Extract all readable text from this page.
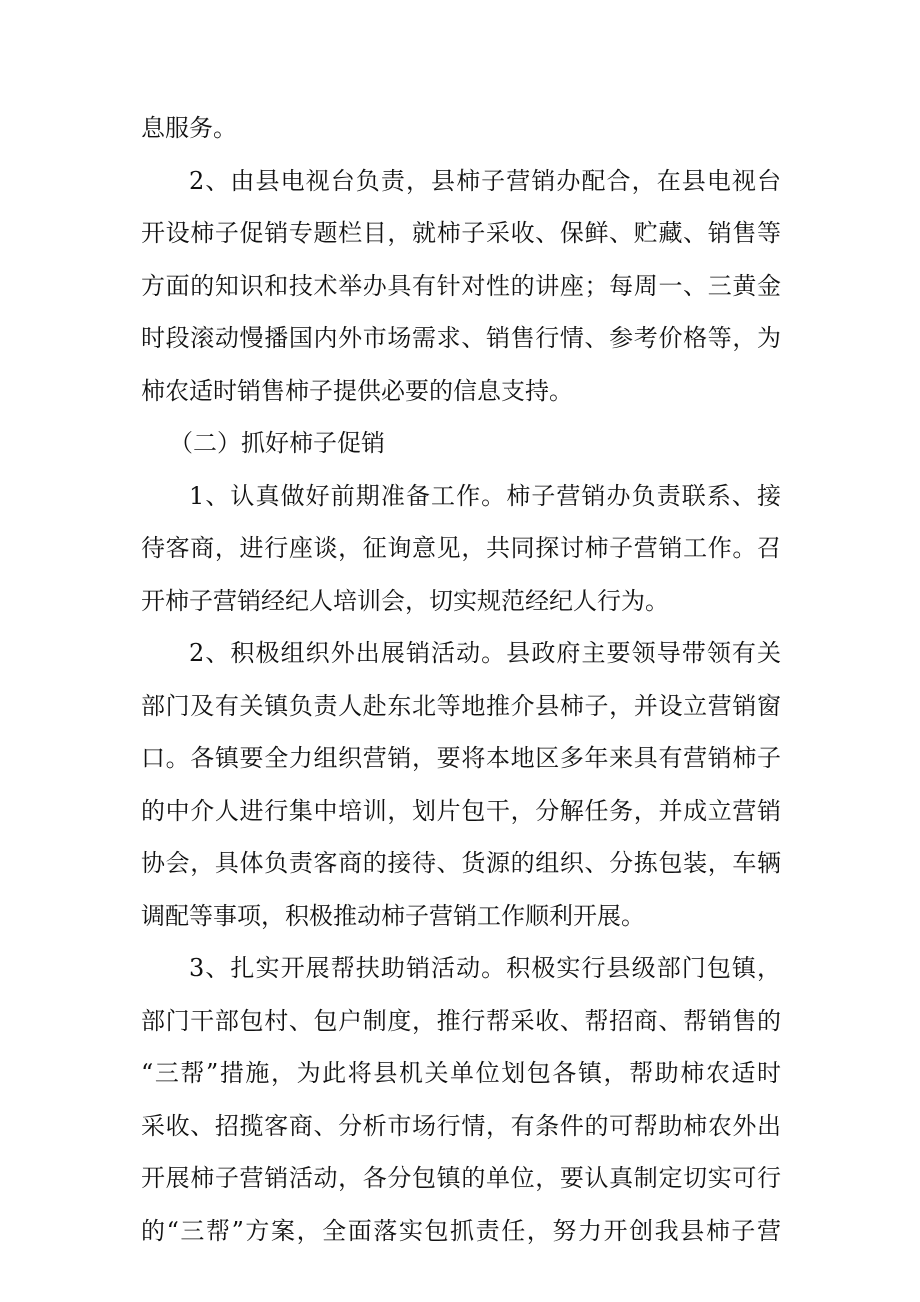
息服务。
2、由县电视台负责，县柿子营销办配合，在县电视台
开设柿子促销专题栏目，就柿子采收、保鲜、贮藏、销售等
方面的知识和技术举办具有针对性的讲座；每周一、三黄金
时段滚动慢播国内外市场需求、销售行情、参考价格等，为
柿农适时销售柿子提供必要的信息支持。
（二）抓好柿子促销
1、认真做好前期准备工作。柿子营销办负责联系、接
待客商，进行座谈，征询意见，共同探讨柿子营销工作。召
开柿子营销经纪人培训会，切实规范经纪人行为。
2、积极组织外出展销活动。县政府主要领导带领有关
部门及有关镇负责人赴东北等地推介县柿子，并设立营销窗
口。各镇要全力组织营销，要将本地区多年来具有营销柿子
的中介人进行集中培训，划片包干，分解任务，并成立营销
协会，具体负责客商的接待、货源的组织、分拣包装，车辆
调配等事项，积极推动柿子营销工作顺利开展。
3、扎实开展帮扶助销活动。积极实行县级部门包镇，
部门干部包村、包户制度，推行帮采收、帮招商、帮销售的
“三帮”措施，为此将县机关单位划包各镇，帮助柿农适时
采收、招揽客商、分析市场行情，有条件的可帮助柿农外出
开展柿子营销活动，各分包镇的单位，要认真制定切实可行
的“三帮”方案，全面落实包抓责任，努力开创我县柿子营
